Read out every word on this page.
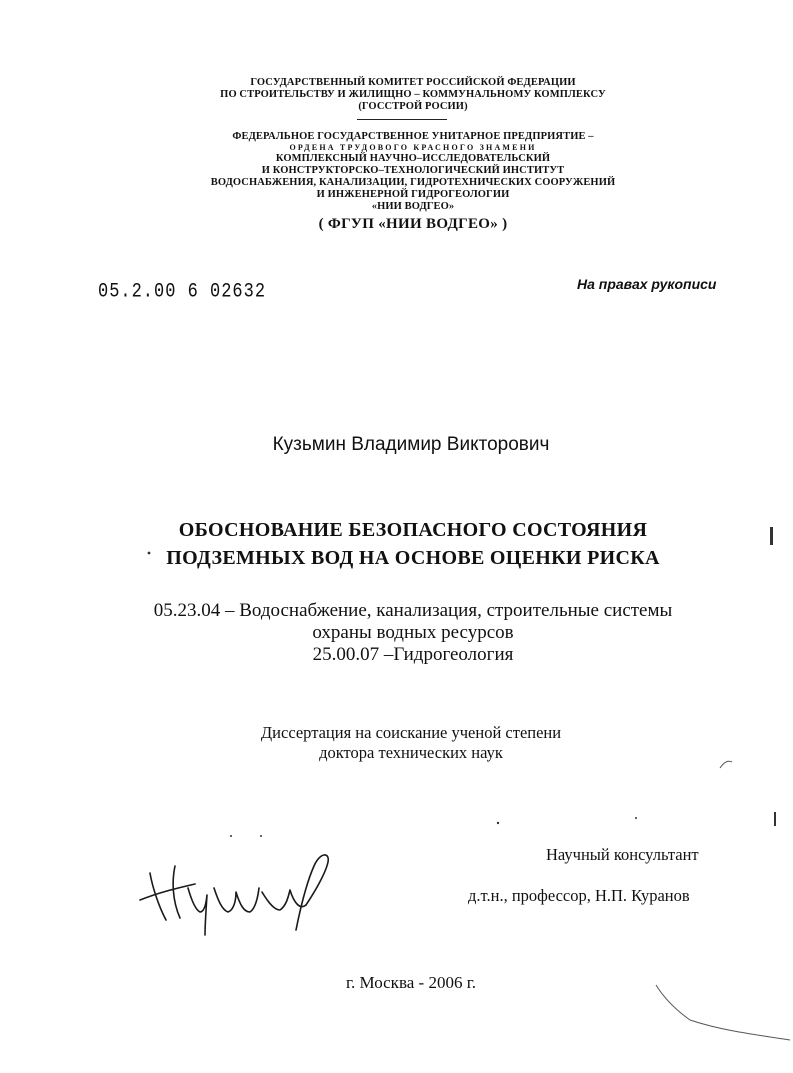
ГОСУДАРСТВЕННЫЙ КОМИТЕТ РОССИЙСКОЙ ФЕДЕРАЦИИ
ПО СТРОИТЕЛЬСТВУ И ЖИЛИЩНО – КОММУНАЛЬНОМУ КОМПЛЕКСУ
(ГОССТРОЙ РОСИИ)
ФЕДЕРАЛЬНОЕ ГОСУДАРСТВЕННОЕ УНИТАРНОЕ ПРЕДПРИЯТИЕ –
ОРДЕНА ТРУДОВОГО КРАСНОГО ЗНАМЕНИ
КОМПЛЕКСНЫЙ НАУЧНО–ИССЛЕДОВАТЕЛЬСКИЙ
И КОНСТРУКТОРСКО–ТЕХНОЛОГИЧЕСКИЙ ИНСТИТУТ
ВОДОСНАБЖЕНИЯ, КАНАЛИЗАЦИИ, ГИДРОТЕХНИЧЕСКИХ СООРУЖЕНИЙ
И ИНЖЕНЕРНОЙ ГИДРОГЕОЛОГИИ
«НИИ ВОДГЕО»
( ФГУП «НИИ ВОДГЕО» )
05.2.00 6 02632	На правах рукописи
Кузьмин Владимир Викторович
ОБОСНОВАНИЕ БЕЗОПАСНОГО СОСТОЯНИЯ
ПОДЗЕМНЫХ ВОД НА ОСНОВЕ ОЦЕНКИ РИСКА
05.23.04 – Водоснабжение, канализация, строительные системы
охраны водных ресурсов
25.00.07 –Гидрогеология
Диссертация на соискание ученой степени
доктора технических наук
Научный консультант
д.т.н., профессор, Н.П. Куранов
г. Москва - 2006 г.
